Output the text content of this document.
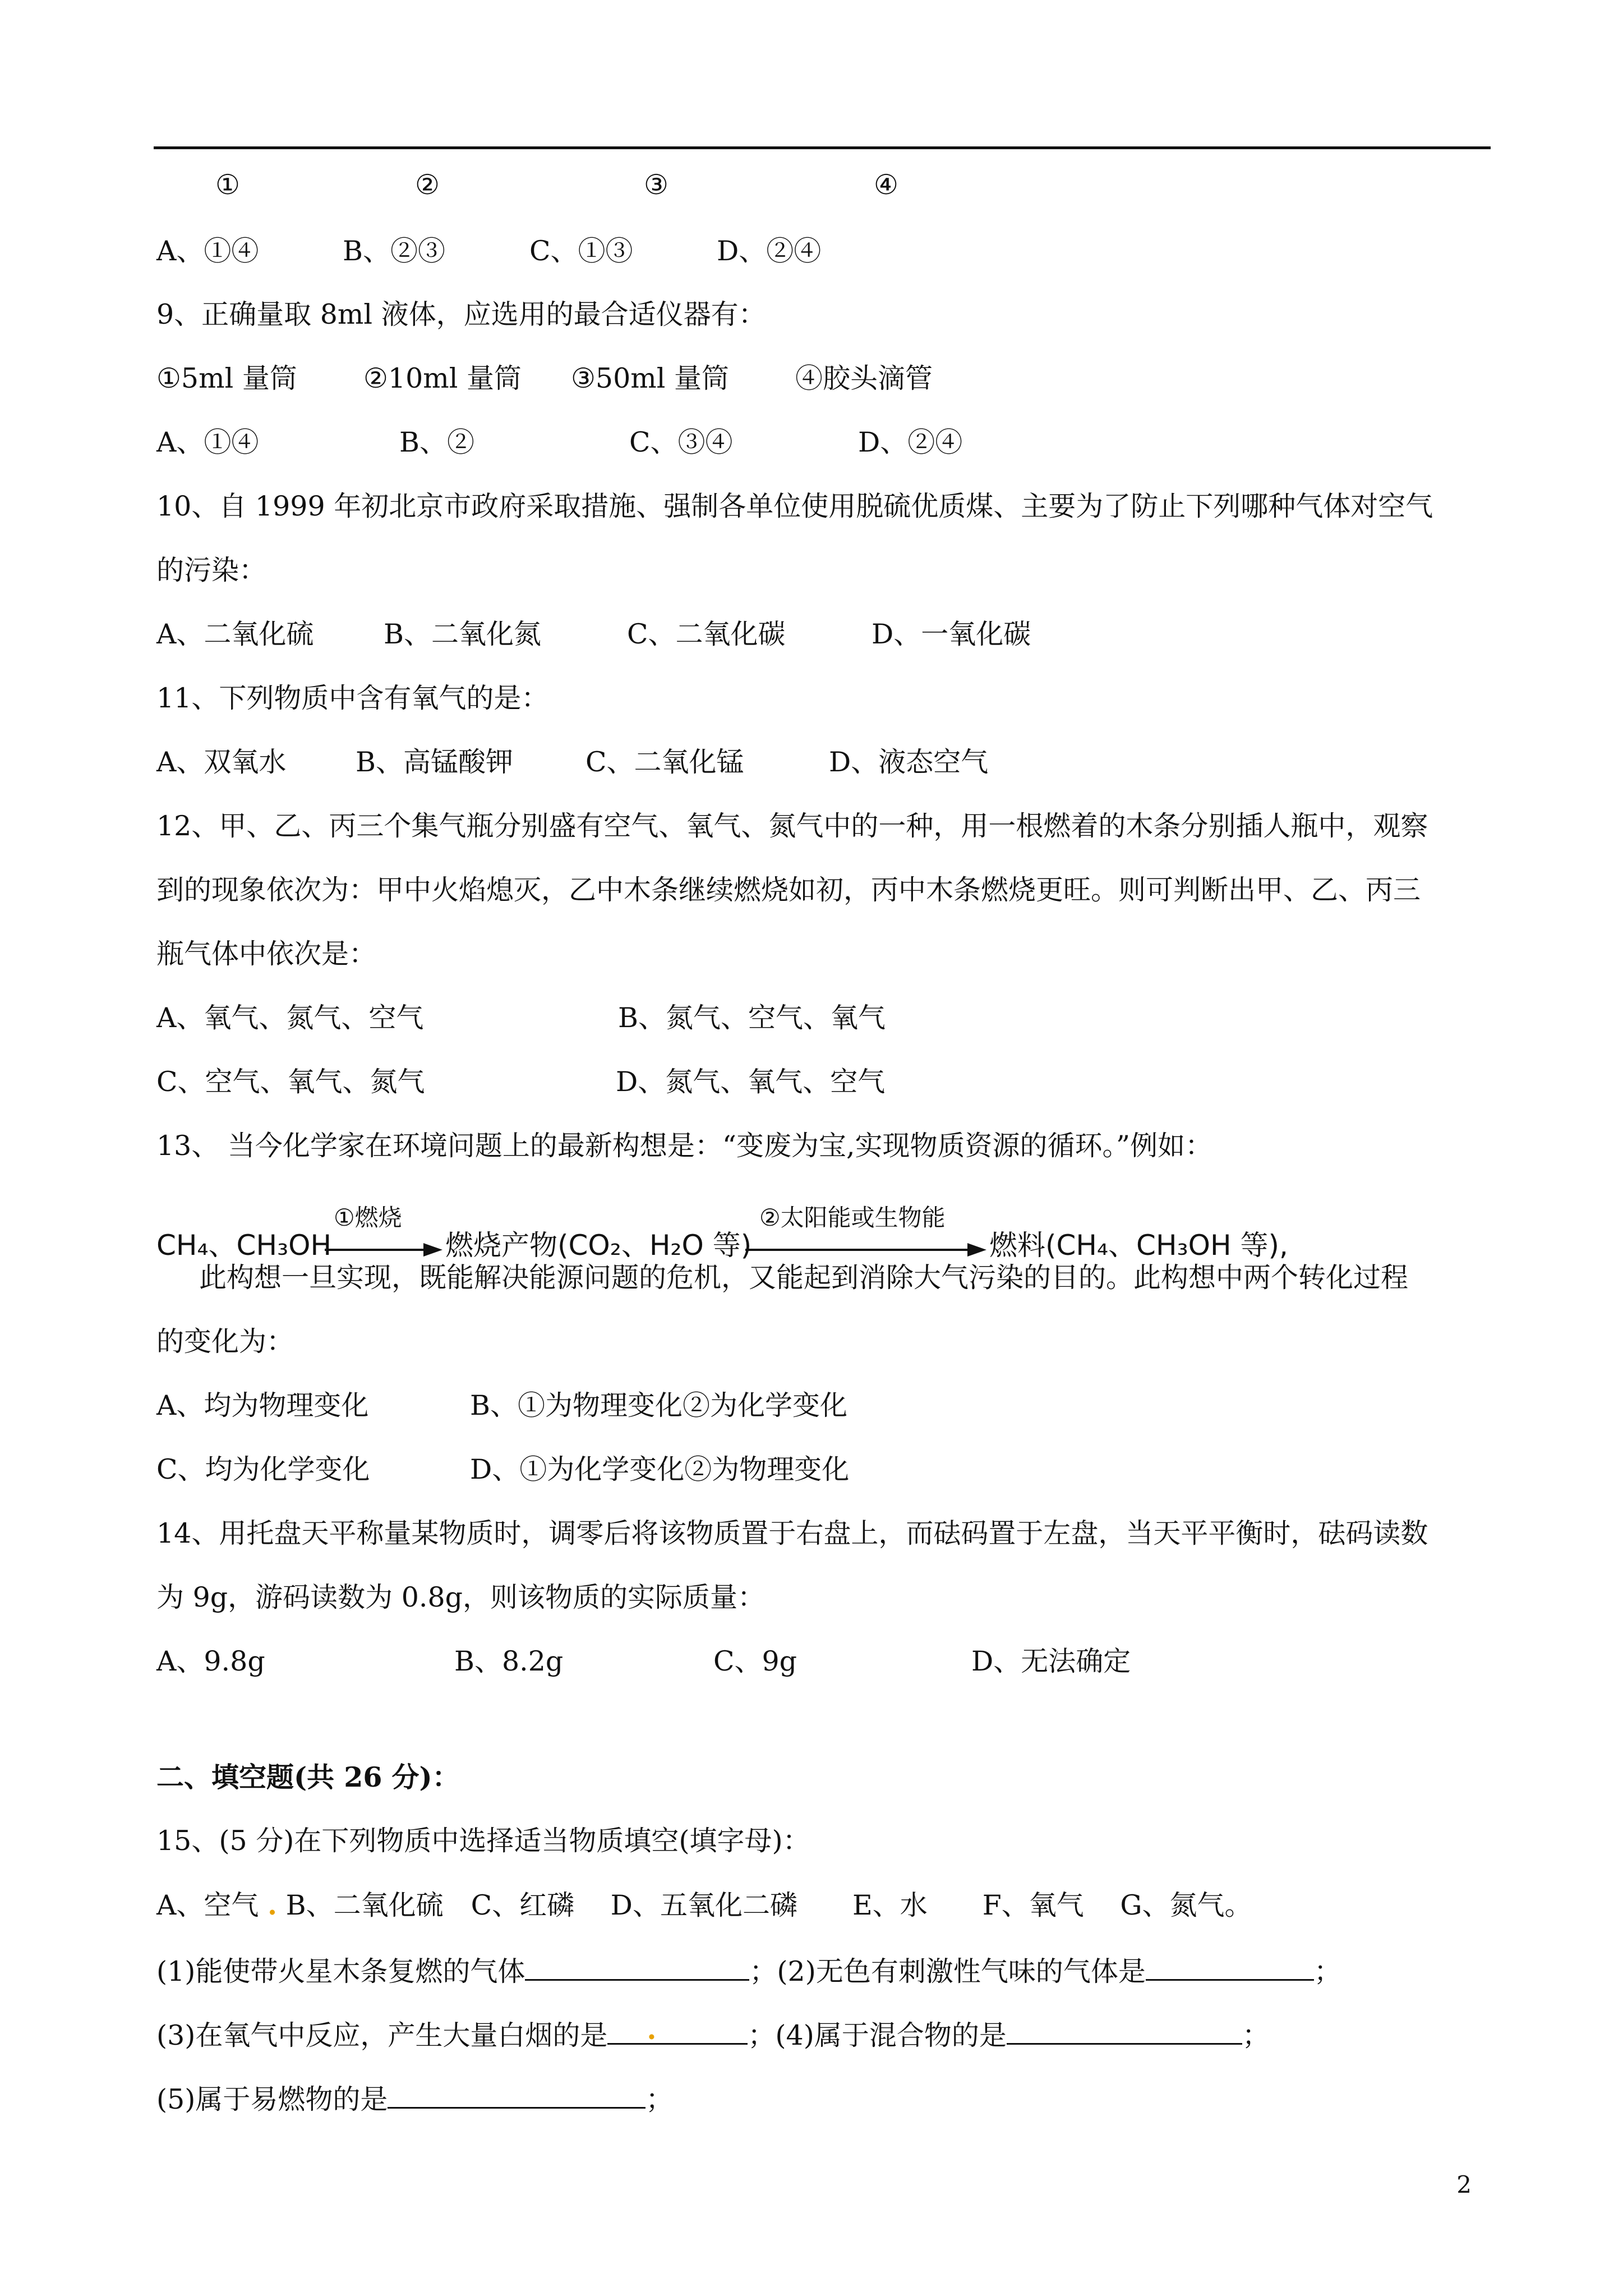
①	②	③	④
A、①④	B、②③	C、①③	D、②④
9、正确量取 8ml 液体，应选用的最合适仪器有：
①5ml 量筒 ②10ml 量筒 ③50ml 量筒 ④胶头滴管
A、①④	B、②	C、③④	D、②④
10、自 1999 年初北京市政府采取措施、强制各单位使用脱硫优质煤、主要为了防止下列哪种气体对空气
的污染：
A、二氧化硫	B、二氧化氮	C、二氧化碳	D、一氧化碳
11、下列物质中含有氧气的是：
A、双氧水	B、高锰酸钾	C、二氧化锰	D、液态空气
12、甲、乙、丙三个集气瓶分别盛有空气、氧气、氮气中的一种，用一根燃着的木条分别插人瓶中，观察
到的现象依次为：甲中火焰熄灭，乙中木条继续燃烧如初，丙中木条燃烧更旺。则可判断出甲、乙、丙三
瓶气体中依次是：
A、氧气、氮气、空气	B、氮气、空气、氧气
C、空气、氧气、氮气	D、氮气、氧气、空气
13、 当今化学家在环境问题上的最新构想是：“变废为宝,实现物质资源的循环。”例如：
CH₄、CH₃OH
①燃烧
燃烧产物(CO₂、H₂O 等)
②太阳能或生物能
燃料(CH₄、CH₃OH 等),
此构想一旦实现，既能解决能源问题的危机，又能起到消除大气污染的目的。此构想中两个转化过程
的变化为：
A、均为物理变化	B、①为物理变化②为化学变化
C、均为化学变化	D、①为化学变化②为物理变化
14、用托盘天平称量某物质时，调零后将该物质置于右盘上，而砝码置于左盘，当天平平衡时，砝码读数
为 9g，游码读数为 0.8g，则该物质的实际质量：
A、9.8g	B、8.2g	C、9g	D、无法确定
二、填空题(共 26 分)：
15、(5 分)在下列物质中选择适当物质填空(填字母)：
A、空气 . B、二氧化硫　C、红磷　 D、五氧化二磷　　E、水　　F、氧气　 G、氮气。
(1)能使带火星木条复燃的气体	；(2)无色有刺激性气味的气体是	；
(3)在氧气中反应，产生大量白烟的是 .	；(4)属于混合物的是	；
(5)属于易燃物的是	；
2
